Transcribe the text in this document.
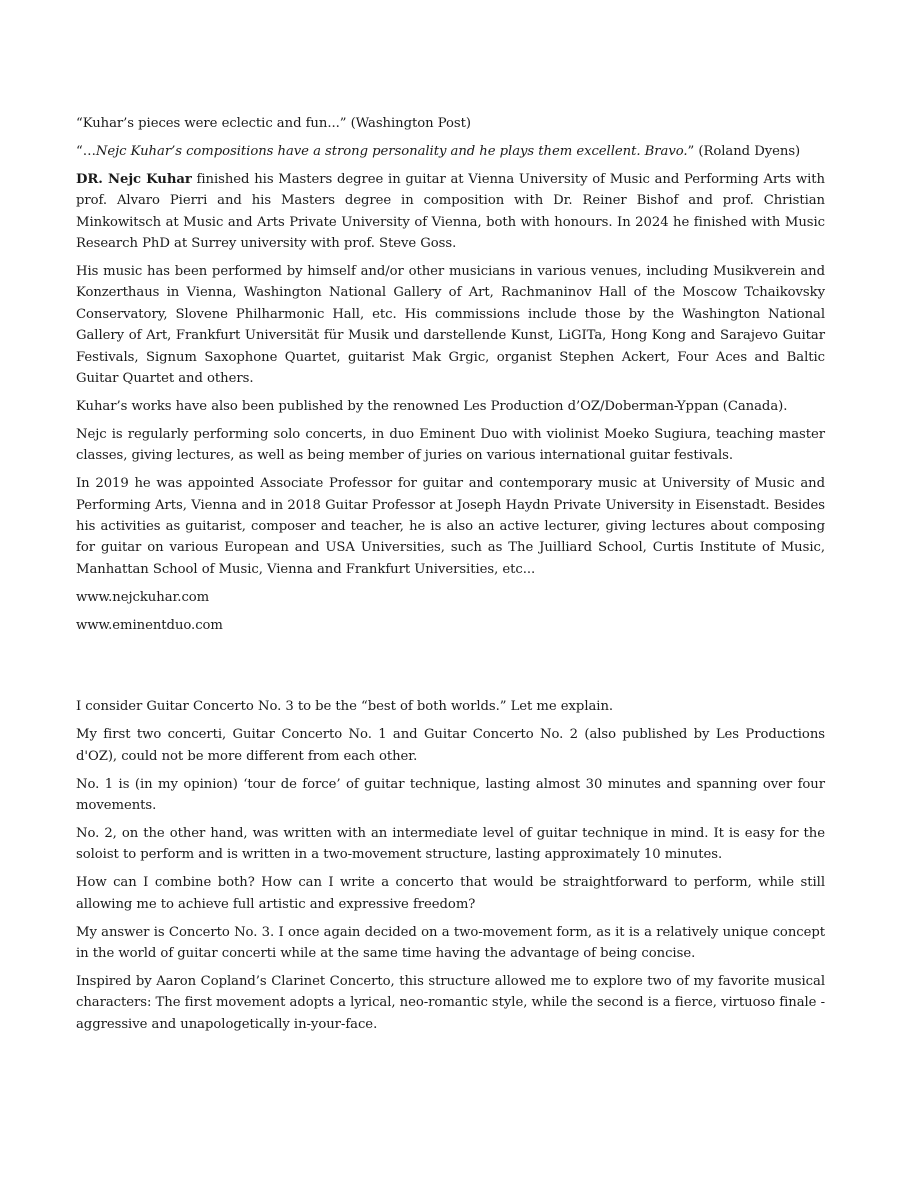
“Kuhar’s pieces were eclectic and fun...” (Washington Post)

“…Nejc Kuhar’s compositions have a strong personality and he plays them excellent. Bravo.” (Roland Dyens)

DR. Nejc Kuhar finished his Masters degree in guitar at Vienna University of Music and Performing Arts with prof. Alvaro Pierri and his Masters degree in composition with Dr. Reiner Bishof and prof. Christian Minkowitsch at Music and Arts Private University of Vienna, both with honours. In 2024 he finished with Music Research PhD at Surrey university with prof. Steve Goss.

His music has been performed by himself and/or other musicians in various venues, including Musikverein and Konzerthaus in Vienna, Washington National Gallery of Art, Rachmaninov Hall of the Moscow Tchaikovsky Conservatory, Slovene Philharmonic Hall, etc. His commissions include those by the Washington National Gallery of Art, Frankfurt Universität für Musik und darstellende Kunst, LiGITa, Hong Kong and Sarajevo Guitar Festivals, Signum Saxophone Quartet, guitarist Mak Grgic, organist Stephen Ackert, Four Aces and Baltic Guitar Quartet and others.

Kuhar’s works have also been published by the renowned Les Production d’OZ/Doberman-Yppan (Canada).

Nejc is regularly performing solo concerts, in duo Eminent Duo with violinist Moeko Sugiura, teaching master classes, giving lectures, as well as being member of juries on various international guitar festivals.

In 2019 he was appointed Associate Professor for guitar and contemporary music at University of Music and Performing Arts, Vienna and in 2018 Guitar Professor at Joseph Haydn Private University in Eisenstadt. Besides his activities as guitarist, composer and teacher, he is also an active lecturer, giving lectures about composing for guitar on various European and USA Universities, such as The Juilliard School, Curtis Institute of Music, Manhattan School of Music, Vienna and Frankfurt Universities, etc...

www.nejckuhar.com

www.eminentduo.com

I consider Guitar Concerto No. 3 to be the “best of both worlds.” Let me explain.

My first two concerti, Guitar Concerto No. 1 and Guitar Concerto No. 2 (also published by Les Productions d'OZ), could not be more different from each other.

No. 1 is (in my opinion) ‘tour de force’ of guitar technique, lasting almost 30 minutes and spanning over four movements.

No. 2, on the other hand, was written with an intermediate level of guitar technique in mind. It is easy for the soloist to perform and is written in a two-movement structure, lasting approximately 10 minutes.

How can I combine both? How can I write a concerto that would be straightforward to perform, while still allowing me to achieve full artistic and expressive freedom?

My answer is Concerto No. 3. I once again decided on a two-movement form, as it is a relatively unique concept in the world of guitar concerti while at the same time having the advantage of being concise.

Inspired by Aaron Copland’s Clarinet Concerto, this structure allowed me to explore two of my favorite musical characters: The first movement adopts a lyrical, neo-romantic style, while the second is a fierce, virtuoso finale - aggressive and unapologetically in-your-face.
